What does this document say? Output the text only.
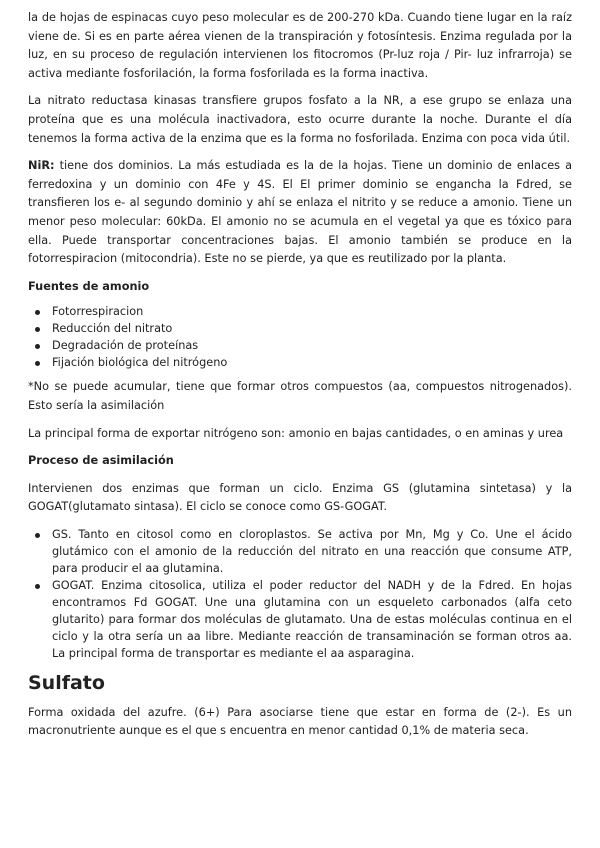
la de hojas de espinacas cuyo peso molecular es de 200-270 kDa. Cuando tiene lugar en la raíz viene de. Si es en parte aérea vienen de la transpiración y fotosíntesis. Enzima regulada por la luz, en su proceso de regulación intervienen los fitocromos (Pr-luz roja / Pir- luz infrarroja) se activa mediante fosforilación, la forma fosforilada es la forma inactiva.

La nitrato reductasa kinasas transfiere grupos fosfato a la NR, a ese grupo se enlaza una proteína que es una molécula inactivadora, esto ocurre durante la noche. Durante el día tenemos la forma activa de la enzima que es la forma no fosforilada. Enzima con poca vida útil.

NiR: tiene dos dominios. La más estudiada es la de la hojas. Tiene un dominio de enlaces a ferredoxina y un dominio con 4Fe y 4S. El El primer dominio se engancha la Fdred, se transfieren los e- al segundo dominio y ahí se enlaza el nitrito y se reduce a amonio. Tiene un menor peso molecular: 60kDa. El amonio no se acumula en el vegetal ya que es tóxico para ella. Puede transportar concentraciones bajas. El amonio también se produce en la fotorrespiracion (mitocondria). Este no se pierde, ya que es reutilizado por la planta.

Fuentes de amonio
Fotorrespiracion
Reducción del nitrato
Degradación de proteínas
Fijación biológica del nitrógeno

*No se puede acumular, tiene que formar otros compuestos (aa, compuestos nitrogenados). Esto sería la asimilación

La principal forma de exportar nitrógeno son: amonio en bajas cantidades, o en aminas y urea

Proceso de asimilación

Intervienen dos enzimas que forman un ciclo. Enzima GS (glutamina sintetasa) y la GOGAT(glutamato sintasa). El ciclo se conoce como GS-GOGAT.

GS. Tanto en citosol como en cloroplastos. Se activa por Mn, Mg y Co. Une el ácido glutámico con el amonio de la reducción del nitrato en una reacción que consume ATP, para producir el aa glutamina.
GOGAT. Enzima citosolica, utiliza el poder reductor del NADH y de la Fdred. En hojas encontramos Fd GOGAT. Une una glutamina con un esqueleto carbonados (alfa ceto glutarito) para formar dos moléculas de glutamato. Una de estas moléculas continua en el ciclo y la otra sería un aa libre. Mediante reacción de transaminación se forman otros aa. La principal forma de transportar es mediante el aa asparagina.
Sulfato

Forma oxidada del azufre. (6+) Para asociarse tiene que estar en forma de (2-). Es un macronutriente aunque es el que s encuentra en menor cantidad 0,1% de materia seca.
